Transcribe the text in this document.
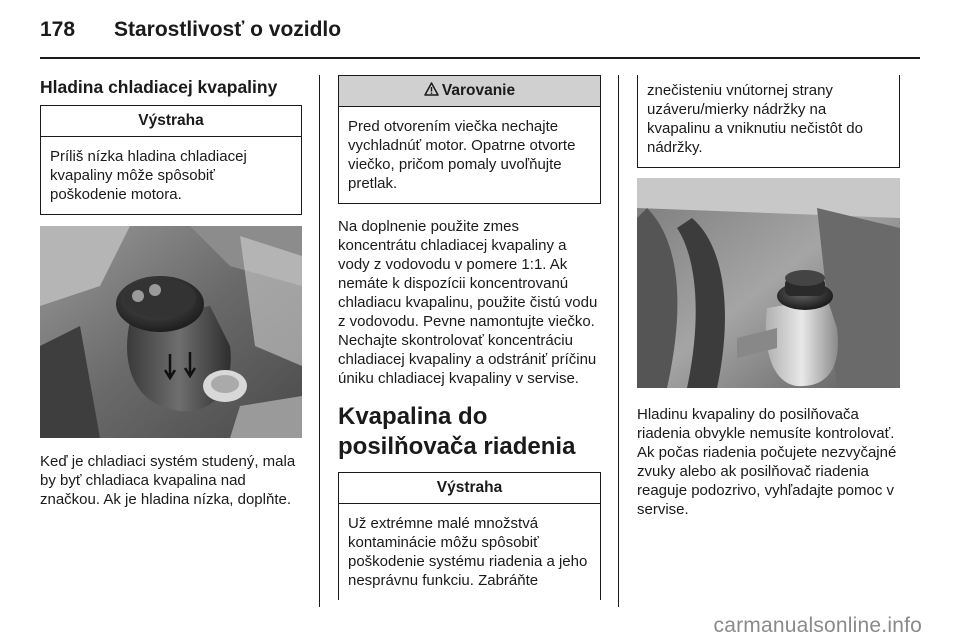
178 Starostlivosť o vozidlo
Hladina chladiacej kvapaliny
Výstraha
Príliš nízka hladina chladiacej kvapaliny môže spôsobiť poškodenie motora.

Keď je chladiaci systém studený, mala by byť chladiaca kvapalina nad značkou. Ak je hladina nízka, doplňte.

Varovanie
Pred otvorením viečka nechajte vychladnúť motor. Opatrne otvorte viečko, pričom pomaly uvoľňujte pretlak.

Na doplnenie použite zmes koncentrátu chladiacej kvapaliny a vody z vodovodu v pomere 1:1. Ak nemáte k dispozícii koncentrovanú chladiacu kvapalinu, použite čistú vodu z vodovodu. Pevne namontujte viečko. Nechajte skontrolovať koncentráciu chladiacej kvapaliny a odstrániť príčinu úniku chladiacej kvapaliny v servise.

Kvapalina do posilňovača riadenia
Výstraha
Už extrémne malé množstvá kontaminácie môžu spôsobiť poškodenie systému riadenia a jeho nesprávnu funkciu. Zabráňte
znečisteniu vnútornej strany uzáveru/mierky nádržky na kvapalinu a vniknutiu nečistôt do nádržky.

Hladinu kvapaliny do posilňovača riadenia obvykle nemusíte kontrolovať. Ak počas riadenia počujete nezvyčajné zvuky alebo ak posilňovač riadenia reaguje podozrivo, vyhľadajte pomoc v servise.

carmanualsonline.info
